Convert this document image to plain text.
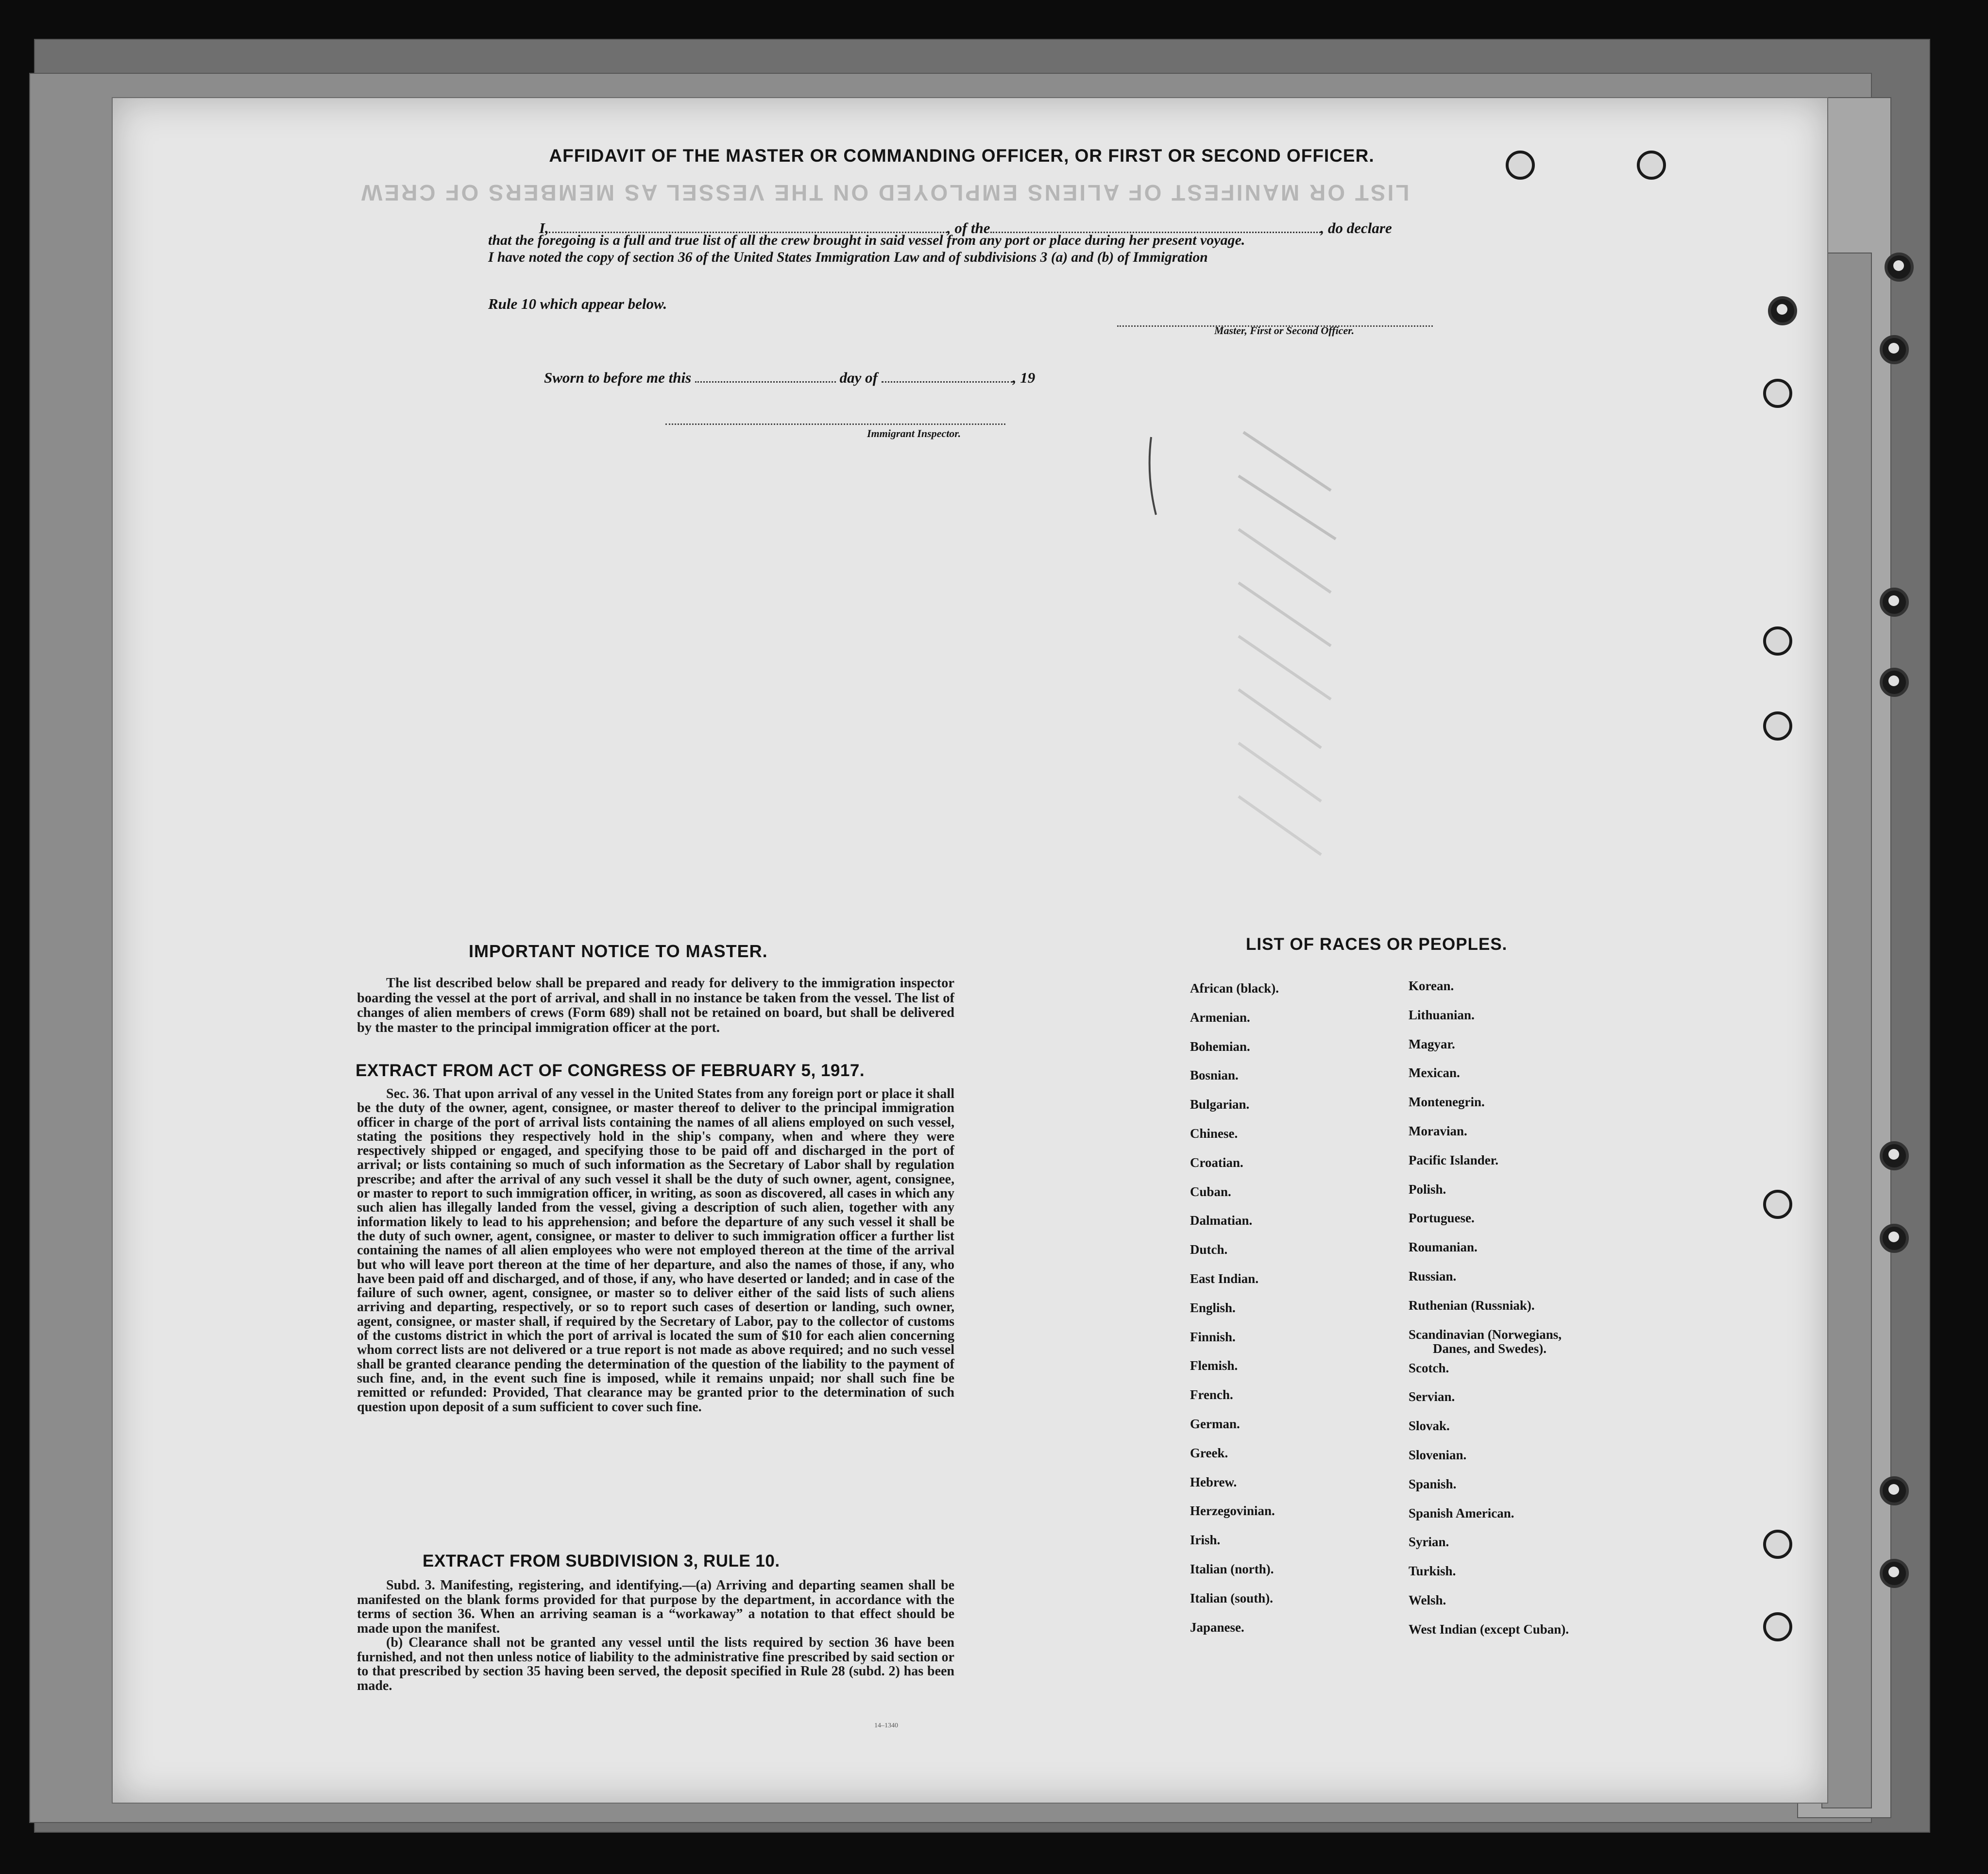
LIST OR MANIFEST OF ALIENS EMPLOYED ON THE VESSEL AS MEMBERS OF CREW
AFFIDAVIT OF THE MASTER OR COMMANDING OFFICER, OR FIRST OR SECOND OFFICER.
I,	, of the	, do declare
that the foregoing is a full and true list of all the crew brought in said vessel from any port or place during her present voyage.
I have noted the copy of section 36 of the United States Immigration Law and of subdivisions 3 (a) and (b) of Immigration
Rule 10 which appear below.
Master, First or Second Officer.
Sworn to before me this	day of	, 19
Immigrant Inspector.
IMPORTANT NOTICE TO MASTER.

The list described below shall be prepared and ready for delivery to the immigration inspector boarding the vessel at the port of arrival, and shall in no instance be taken from the vessel. The list of changes of alien members of crews (Form 689) shall not be retained on board, but shall be delivered by the master to the principal immigration officer at the port.

EXTRACT FROM ACT OF CONGRESS OF FEBRUARY 5, 1917.

Sec. 36. That upon arrival of any vessel in the United States from any foreign port or place it shall be the duty of the owner, agent, consignee, or master thereof to deliver to the principal immigration officer in charge of the port of arrival lists containing the names of all aliens employed on such vessel, stating the positions they respectively hold in the ship's company, when and where they were respectively shipped or engaged, and specifying those to be paid off and discharged in the port of arrival; or lists containing so much of such information as the Secretary of Labor shall by regulation prescribe; and after the arrival of any such vessel it shall be the duty of such owner, agent, consignee, or master to report to such immigration officer, in writing, as soon as discovered, all cases in which any such alien has illegally landed from the vessel, giving a description of such alien, together with any information likely to lead to his apprehension; and before the departure of any such vessel it shall be the duty of such owner, agent, consignee, or master to deliver to such immigration officer a further list containing the names of all alien employees who were not employed thereon at the time of the arrival but who will leave port thereon at the time of her departure, and also the names of those, if any, who have been paid off and discharged, and of those, if any, who have deserted or landed; and in case of the failure of such owner, agent, consignee, or master so to deliver either of the said lists of such aliens arriving and departing, respectively, or so to report such cases of desertion or landing, such owner, agent, consignee, or master shall, if required by the Secretary of Labor, pay to the collector of customs of the customs district in which the port of arrival is located the sum of $10 for each alien concerning whom correct lists are not delivered or a true report is not made as above required; and no such vessel shall be granted clearance pending the determination of the question of the liability to the payment of such fine, and, in the event such fine is imposed, while it remains unpaid; nor shall such fine be remitted or refunded: Provided, That clearance may be granted prior to the determination of such question upon deposit of a sum sufficient to cover such fine.

EXTRACT FROM SUBDIVISION 3, RULE 10.

Subd. 3. Manifesting, registering, and identifying.—(a) Arriving and departing seamen shall be manifested on the blank forms provided for that purpose by the department, in accordance with the terms of section 36. When an arriving seaman is a “workaway” a notation to that effect should be made upon the manifest.

(b) Clearance shall not be granted any vessel until the lists required by section 36 have been furnished, and not then unless notice of liability to the administrative fine prescribed by said section or to that prescribed by section 35 having been served, the deposit specified in Rule 28 (subd. 2) has been made.

14–1340
LIST OF RACES OR PEOPLES.
African (black).
Armenian.
Bohemian.
Bosnian.
Bulgarian.
Chinese.
Croatian.
Cuban.
Dalmatian.
Dutch.
East Indian.
English.
Finnish.
Flemish.
French.
German.
Greek.
Hebrew.
Herzegovinian.
Irish.
Italian (north).
Italian (south).
Japanese.
Korean.
Lithuanian.
Magyar.
Mexican.
Montenegrin.
Moravian.
Pacific Islander.
Polish.
Portuguese.
Roumanian.
Russian.
Ruthenian (Russniak).
Scandinavian (Norwegians,
Danes, and Swedes).
Scotch.
Servian.
Slovak.
Slovenian.
Spanish.
Spanish American.
Syrian.
Turkish.
Welsh.
West Indian (except Cuban).
